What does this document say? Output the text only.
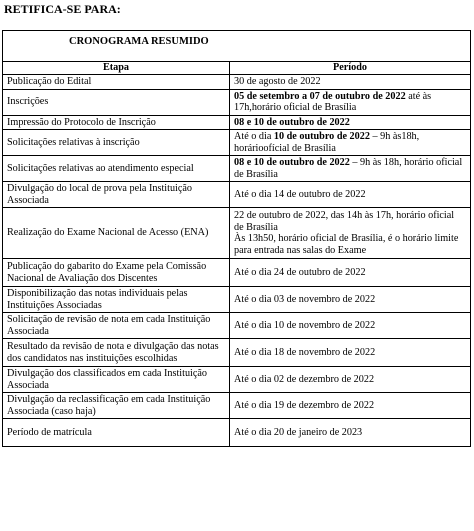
RETIFICA-SE PARA:
CRONOGRAMA RESUMIDO	
Etapa	Período
Publicação do Edital	30 de agosto de 2022
Inscrições	05 de setembro a 07 de outubro de 2022 até às 17h,horário oficial de Brasília
Impressão do Protocolo de Inscrição	08 e 10 de outubro de 2022
Solicitações relativas à inscrição	Até o dia 10 de outubro de 2022 – 9h às18h, horárioofícial de Brasília
Solicitações relativas ao atendimento especial	08 e 10 de outubro de 2022 – 9h às 18h, horário oficial de Brasília
Divulgação do local de prova pela Instituição Associada	Até o dia 14 de outubro de 2022
Realização do Exame Nacional de Acesso (ENA)	22 de outubro de 2022, das 14h às 17h, horário oficial de Brasília
Às 13h50, horário oficial de Brasília, é o horário limite para entrada nas salas do Exame
Publicação do gabarito do Exame pela Comissão Nacional de Avaliação dos Discentes	Até o dia 24 de outubro de 2022
Disponibilização das notas individuais pelas Instituições Associadas	Até o dia 03 de novembro de 2022
Solicitação de revisão de nota em cada Instituição Associada	Até o dia 10 de novembro de 2022
Resultado da revisão de nota e divulgação das notas dos candidatos nas instituições escolhidas	Até o dia 18 de novembro de 2022
Divulgação dos classificados em cada Instituição Associada	Até o dia 02 de dezembro de 2022
Divulgação da reclassificação em cada Instituição Associada (caso haja)	Até o dia 19 de dezembro de 2022
Período de matrícula	Até o dia 20 de janeiro de 2023
